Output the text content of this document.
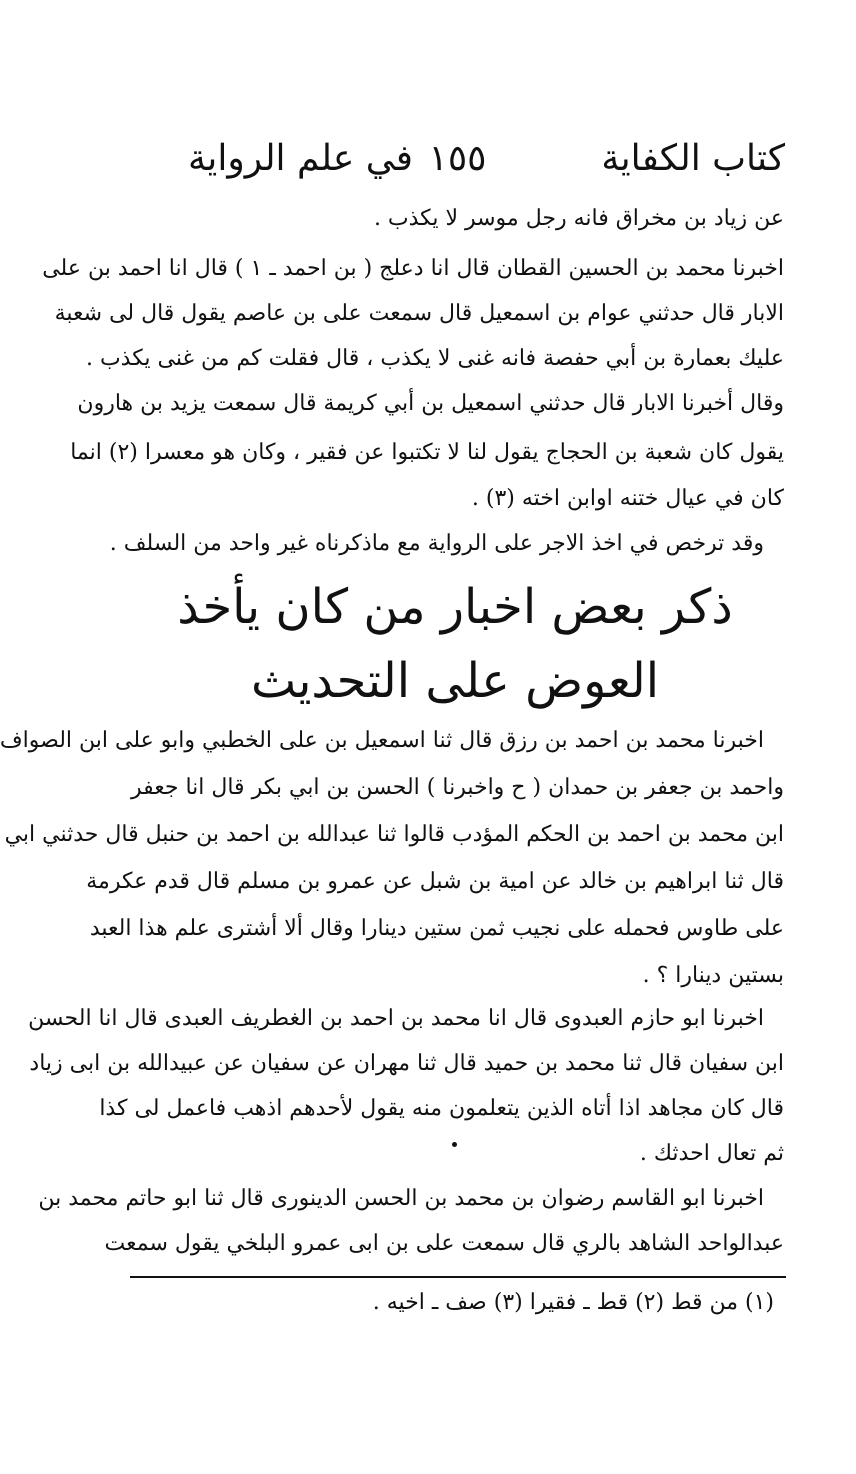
كتاب الكفاية
١٥٥
في علم الرواية
عن زياد بن مخراق فانه رجل موسر لا يكذب .
اخبرنا محمد بن الحسين القطان قال انا دعلج ( بن احمد ـ ١ ) قال انا احمد بن على
الابار قال حدثني عوام بن اسمعيل قال سمعت على بن عاصم يقول قال لى شعبة
عليك بعمارة بن أبي حفصة فانه غنى لا يكذب ، قال فقلت كم من غنى يكذب .
وقال أخبرنا الابار قال حدثني اسمعيل بن أبي كريمة قال سمعت يزيد بن هارون
يقول كان شعبة بن الحجاج يقول لنا لا تكتبوا عن فقير ، وكان هو معسرا (٢) انما
كان في عيال ختنه اوابن اخته (٣) .
وقد ترخص في اخذ الاجر على الرواية مع ماذكرناه غير واحد من السلف .
ذكر بعض اخبار من كان يأخذ
العوض على التحديث
اخبرنا محمد بن احمد بن رزق قال ثنا اسمعيل بن على الخطبي وابو على ابن الصواف
واحمد بن جعفر بن حمدان ( ح واخبرنا ) الحسن بن ابي بكر قال انا جعفر
ابن محمد بن احمد بن الحكم المؤدب قالوا ثنا عبدالله بن احمد بن حنبل قال حدثني ابي
قال ثنا ابراهيم بن خالد عن امية بن شبل عن عمرو بن مسلم قال قدم عكرمة
على طاوس فحمله على نجيب ثمن ستين دينارا وقال ألا أشترى علم هذا العبد
بستين دينارا ؟ .
اخبرنا ابو حازم العبدوى قال انا محمد بن احمد بن الغطريف العبدى قال انا الحسن
ابن سفيان قال ثنا محمد بن حميد قال ثنا مهران عن سفيان عن عبيدالله بن ابى زياد
قال كان مجاهد اذا أتاه الذين يتعلمون منه يقول لأحدهم اذهب فاعمل لى كذا
ثم تعال احدثك .
اخبرنا ابو القاسم رضوان بن محمد بن الحسن الدينورى قال ثنا ابو حاتم محمد بن
عبدالواحد الشاهد بالري قال سمعت على بن ابى عمرو البلخي يقول سمعت
(١) من قط (٢) قط ـ فقيرا (٣) صف ـ اخيه .
